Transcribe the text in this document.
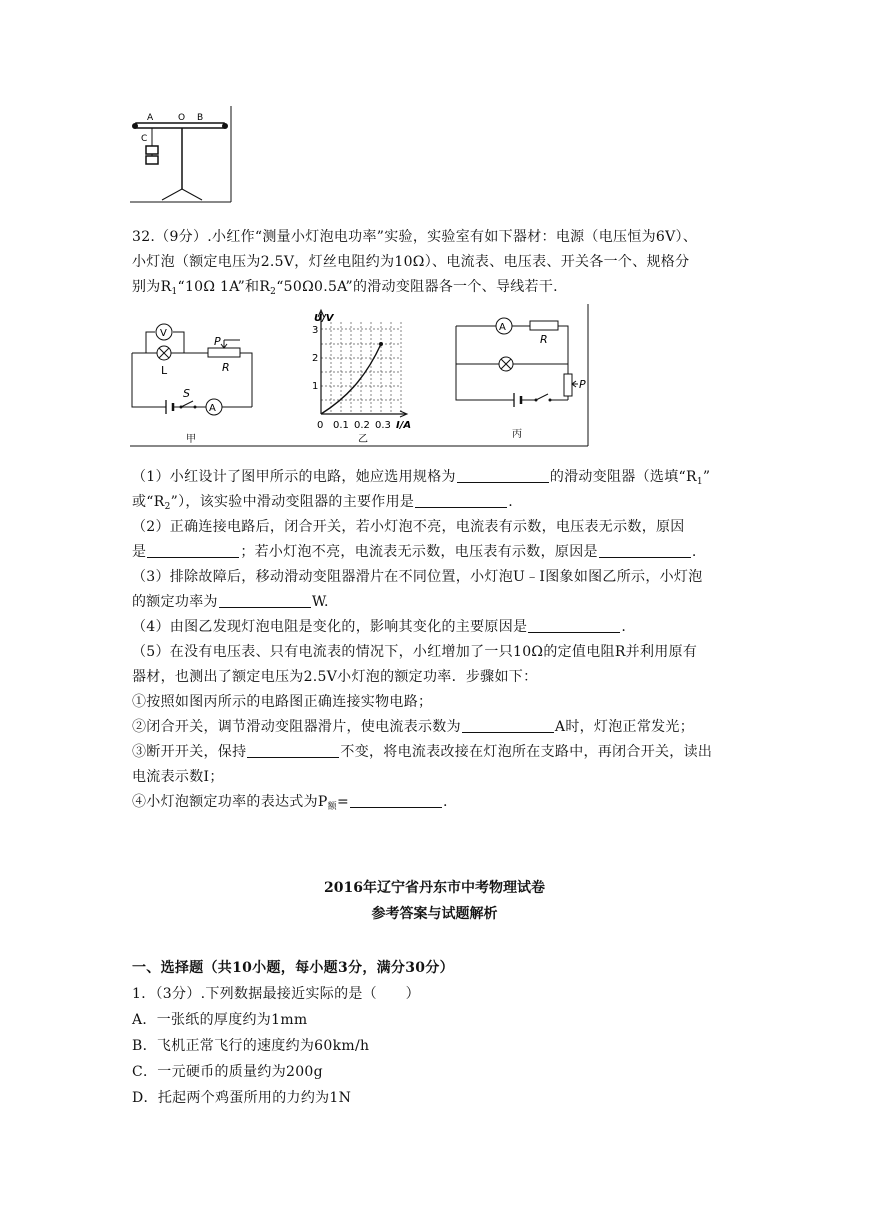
A	O B
C
32.（9分）.小红作“测量小灯泡电功率”实验，实验室有如下器材：电源（电压恒为6V）、
小灯泡（额定电压为2.5V，灯丝电阻约为10Ω）、电流表、电压表、开关各一个、规格分
别为$R_1“10\Omega$ 1A”和$R_2“50\Omega 0.5A$”的滑动变阻器各一个、导线若干.
A
V
L
P
R
S
甲
U/V
1
2
3
0 0.1 0.2 0.3 I/A
乙
A
R
P
丙
（1）小红设计了图甲所示的电路，她应选用规格为	的滑动变阻器（选填“$R_1$”
或“$R_2$”），该实验中滑动变阻器的主要作用是	.
（2）正确连接电路后，闭合开关，若小灯泡不亮，电流表有示数，电压表无示数，原因
是	；若小灯泡不亮，电流表无示数，电压表有示数，原因是	.
（3）排除故障后，移动滑动变阻器滑片在不同位置，小灯泡U﹣I图象如图乙所示，小灯泡
的额定功率为	W.
（4）由图乙发现灯泡电阻是变化的，影响其变化的主要原因是	.
（5）在没有电压表、只有电流表的情况下，小红增加了一只10Ω的定值电阻R并利用原有
器材，也测出了额定电压为2.5V小灯泡的额定功率．步骤如下：
①按照如图丙所示的电路图正确连接实物电路；
②闭合开关，调节滑动变阻器滑片，使电流表示数为	A时，灯泡正常发光；
③断开开关，保持	不变，将电流表改接在灯泡所在支路中，再闭合开关，读出
电流表示数I；
④小灯泡额定功率的表达式为$P_额=$	.
2016年辽宁省丹东市中考物理试卷
参考答案与试题解析
一、选择题（共10小题，每小题3分，满分30分）
1．（3分）.下列数据最接近实际的是（　　）
A．一张纸的厚度约为1mm
B．飞机正常飞行的速度约为60km/h
C．一元硬币的质量约为200g
D．托起两个鸡蛋所用的力约为1N
